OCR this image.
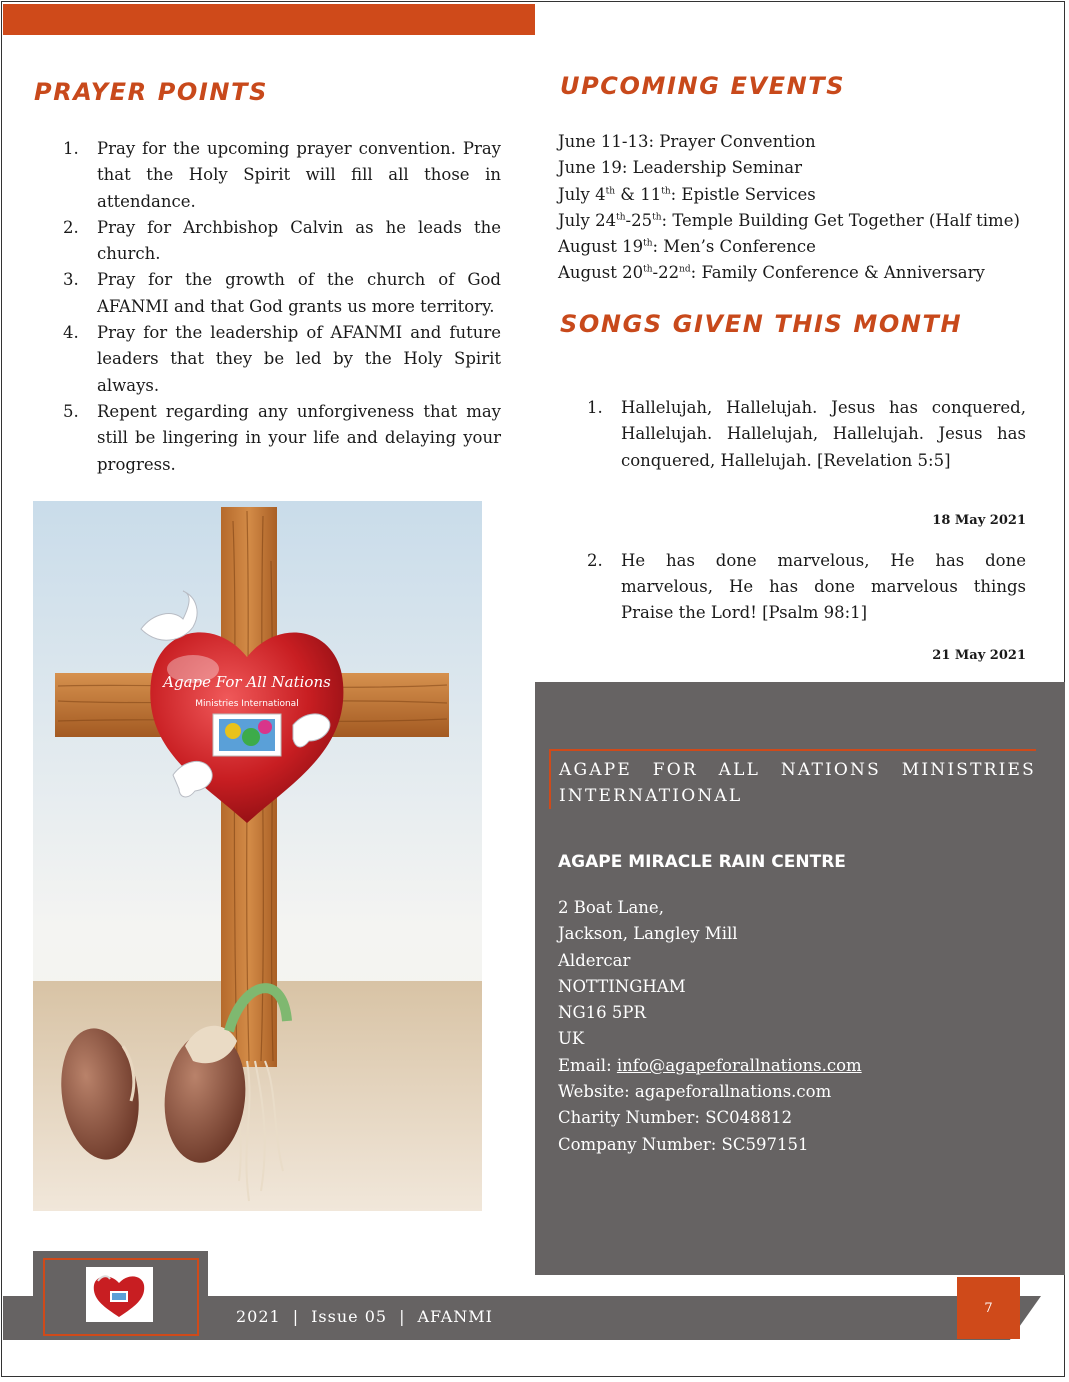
PRAYER POINTS
1. Pray for the upcoming prayer convention. Pray that the Holy Spirit will fill all those in attendance.
2. Pray for Archbishop Calvin as he leads the church.
3. Pray for the growth of the church of God AFANMI and that God grants us more territory.
4. Pray for the leadership of AFANMI and future leaders that they be led by the Holy Spirit always.
5. Repent regarding any unforgiveness that may still be lingering in your life and delaying your progress.
UPCOMING EVENTS
June 11-13: Prayer Convention
June 19: Leadership Seminar
July 4th & 11th: Epistle Services
July 24th-25th: Temple Building Get Together (Half time)
August 19th: Men’s Conference
August 20th-22nd: Family Conference & Anniversary
SONGS GIVEN THIS MONTH
1. Hallelujah, Hallelujah. Jesus has conquered, Hallelujah. Hallelujah, Hallelujah. Jesus has conquered, Hallelujah. [Revelation 5:5]
18 May 2021
2. He has done marvelous, He has done marvelous, He has done marvelous things Praise the Lord! [Psalm 98:1]
21 May 2021
Agape For All Nations
Ministries International
AGAPE FOR ALL NATIONS MINISTRIES INTERNATIONAL
AGAPE MIRACLE RAIN CENTRE
2 Boat Lane,
Jackson, Langley Mill
Aldercar
NOTTINGHAM
NG16 5PR
UK
Email: info@agapeforallnations.com
Website: agapeforallnations.com
Charity Number: SC048812
Company Number: SC597151
2021 | Issue 05 | AFANMI	7
